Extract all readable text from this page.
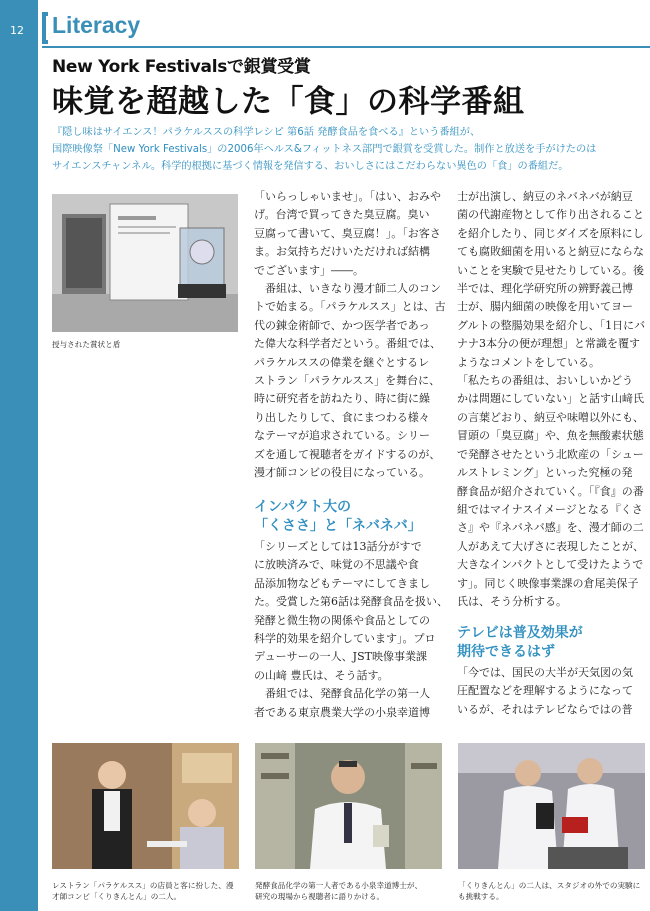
12 Literacy
New York Festivalsで銀賞受賞
味覚を超越した「食」の科学番組
『隠し味はサイエンス！パラケルススの科学レシピ 第6話 発酵食品を食べる』という番組が、
国際映像祭「New York Festivals」の2006年ヘルス&フィットネス部門で銀賞を受賞した。制作と放送を手がけたのは
サイエンスチャンネル。科学的根拠に基づく情報を発信する、おいしさにはこだわらない異色の「食」の番組だ。
授与された賞状と盾
「いらっしゃいませ」。「はい、おみや
げ。台湾で買ってきた臭豆腐。臭い
豆腐って書いて、臭豆腐！」。「お客さ
ま。お気持ちだけいただければ結構
でございます」――。
　番組は、いきなり漫才師二人のコン
トで始まる。「パラケルスス」とは、古
代の錬金術師で、かつ医学者であっ
た偉大な科学者だという。番組では、
パラケルススの偉業を継ぐとするレ
ストラン「パラケルスス」を舞台に、
時に研究者を訪ねたり、時に街に繰
り出したりして、食にまつわる様々
なテーマが追求されている。シリー
ズを通して視聴者をガイドするのが、
漫才師コンビの役目になっている。
インパクト大の
「くささ」と「ネバネバ」
「シリーズとしては13話分がすで
に放映済みで、味覚の不思議や食
品添加物などもテーマにしてきまし
た。受賞した第6話は発酵食品を扱い、
発酵と微生物の関係や食品としての
科学的効果を紹介しています」。プロ
デューサーの一人、JST映像事業課
の山﨑 豊氏は、そう話す。
　番組では、発酵食品化学の第一人
者である東京農業大学の小泉幸道博
士が出演し、納豆のネバネバが納豆
菌の代謝産物として作り出されること
を紹介したり、同じダイズを原料にし
ても腐敗細菌を用いると納豆にならな
いことを実験で見せたりしている。後
半では、理化学研究所の辨野義己博
士が、腸内細菌の映像を用いてヨー
グルトの整腸効果を紹介し、「1日にバ
ナナ3本分の便が理想」と常識を覆す
ようなコメントをしている。
「私たちの番組は、おいしいかどう
かは問題にしていない」と話す山﨑氏
の言葉どおり、納豆や味噌以外にも、
冒頭の「臭豆腐」や、魚を無酸素状態
で発酵させたという北欧産の「シュー
ルストレミング」といった究極の発
酵食品が紹介されていく。「『食』の番
組ではマイナスイメージとなる『くさ
さ』や『ネバネバ感』を、漫才師の二
人があえて大げさに表現したことが、
大きなインパクトとして受けたようで
す」。同じく映像事業課の倉尾美保子
氏は、そう分析する。
テレビは普及効果が
期待できるはず
「今では、国民の大半が天気図の気
圧配置などを理解するようになって
いるが、それはテレビならではの普
レストラン「パラケルスス」の店員と客に扮した、漫
才師コンビ「くりきんとん」の二人。
発酵食品化学の第一人者である小泉幸道博士が、
研究の現場から視聴者に語りかける。
「くりきんとん」の二人は、スタジオの外での実験に
も挑戦する。
